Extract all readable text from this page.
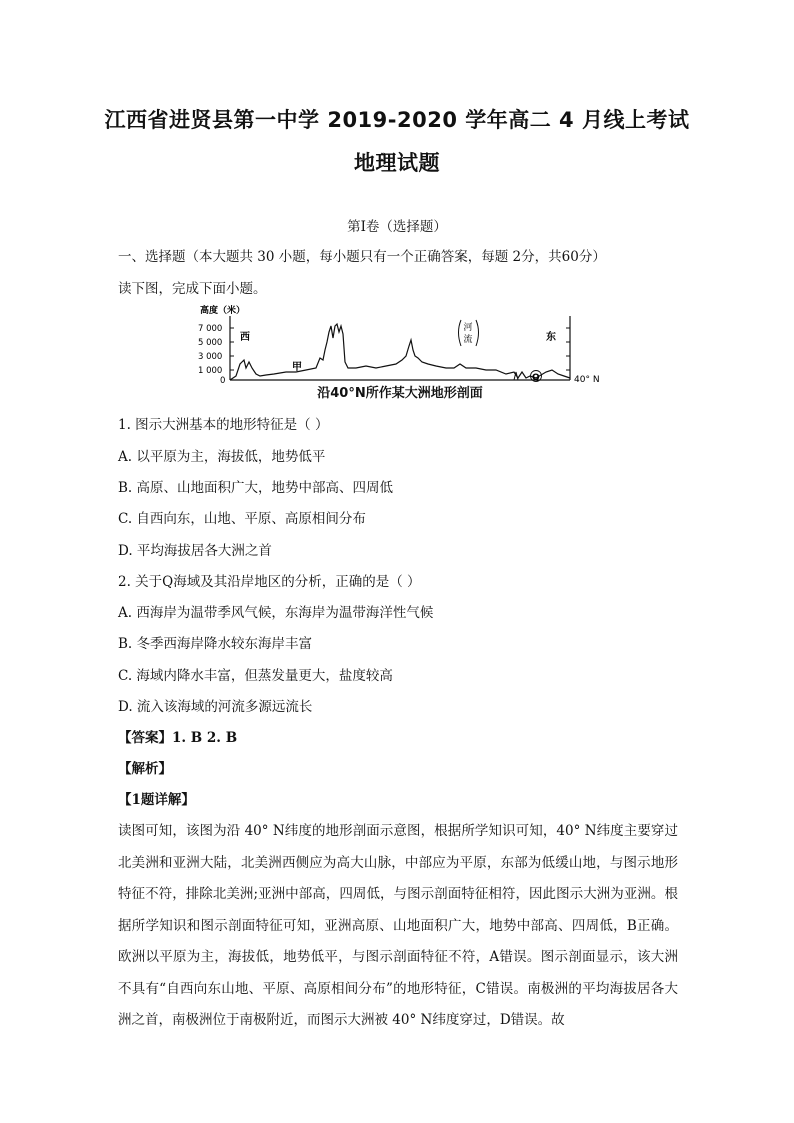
江西省进贤县第一中学 2019-2020 学年高二 4 月线上考试
地理试题
第Ⅰ卷（选择题）
一、选择题（本大题共 30 小题，每小题只有一个正确答案，每题 2分，共60分）
读下图，完成下面小题。
高度（米）
7 000
5 000
3 000
1 000
0
河
流
西	东
甲
Q	40° N
沿40°N所作某大洲地形剖面
1. 图示大洲基本的地形特征是（ ）
A. 以平原为主，海拔低，地势低平
B. 高原、山地面积广大，地势中部高、四周低
C. 自西向东，山地、平原、高原相间分布
D. 平均海拔居各大洲之首
2. 关于Q海域及其沿岸地区的分析，正确的是（ ）
A. 西海岸为温带季风气候，东海岸为温带海洋性气候
B. 冬季西海岸降水较东海岸丰富
C. 海域内降水丰富，但蒸发量更大，盐度较高
D. 流入该海域的河流多源远流长
【答案】1. B 2. B
【解析】
【1题详解】
读图可知，该图为沿 40° N纬度的地形剖面示意图，根据所学知识可知，40° N纬度主要穿过北美洲和亚洲大陆，北美洲西侧应为高大山脉，中部应为平原，东部为低缓山地，与图示地形特征不符，排除北美洲;亚洲中部高，四周低，与图示剖面特征相符，因此图示大洲为亚洲。根据所学知识和图示剖面特征可知，亚洲高原、山地面积广大，地势中部高、四周低，B正确。欧洲以平原为主，海拔低，地势低平，与图示剖面特征不符，A错误。图示剖面显示，该大洲不具有“自西向东山地、平原、高原相间分布”的地形特征，C错误。南极洲的平均海拔居各大洲之首，南极洲位于南极附近，而图示大洲被 40° N纬度穿过，D错误。故
